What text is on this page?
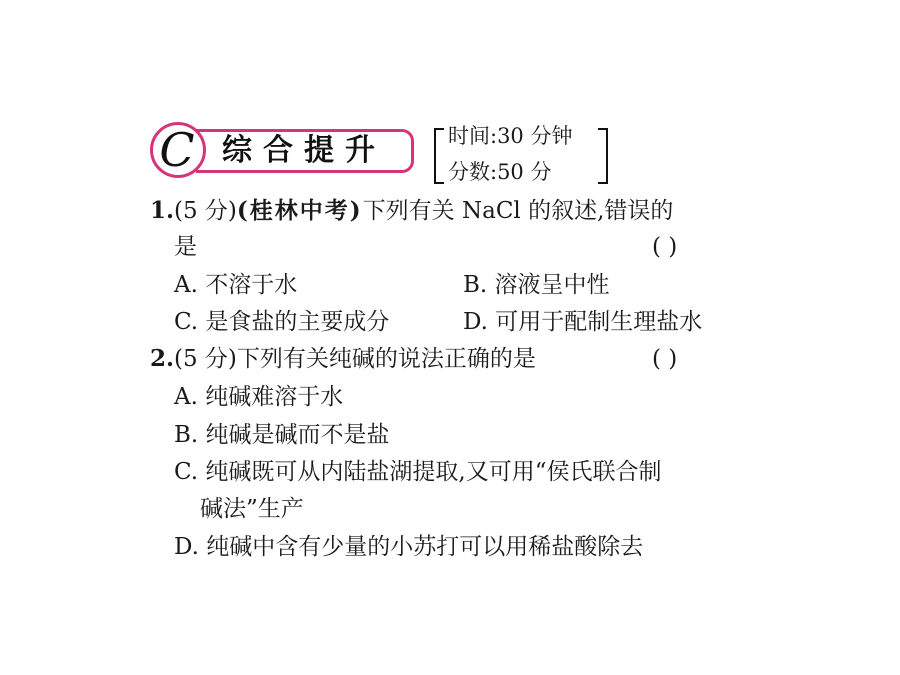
C 综合提升	时间:30 分钟
分数:50 分
1.(5 分)(桂林中考)下列有关 NaCl 的叙述,错误的
是	( )
A. 不溶于水	B. 溶液呈中性
C. 是食盐的主要成分	D. 可用于配制生理盐水
2.(5 分)下列有关纯碱的说法正确的是	( )
A. 纯碱难溶于水
B. 纯碱是碱而不是盐
C. 纯碱既可从内陆盐湖提取,又可用“侯氏联合制
碱法”生产
D. 纯碱中含有少量的小苏打可以用稀盐酸除去
